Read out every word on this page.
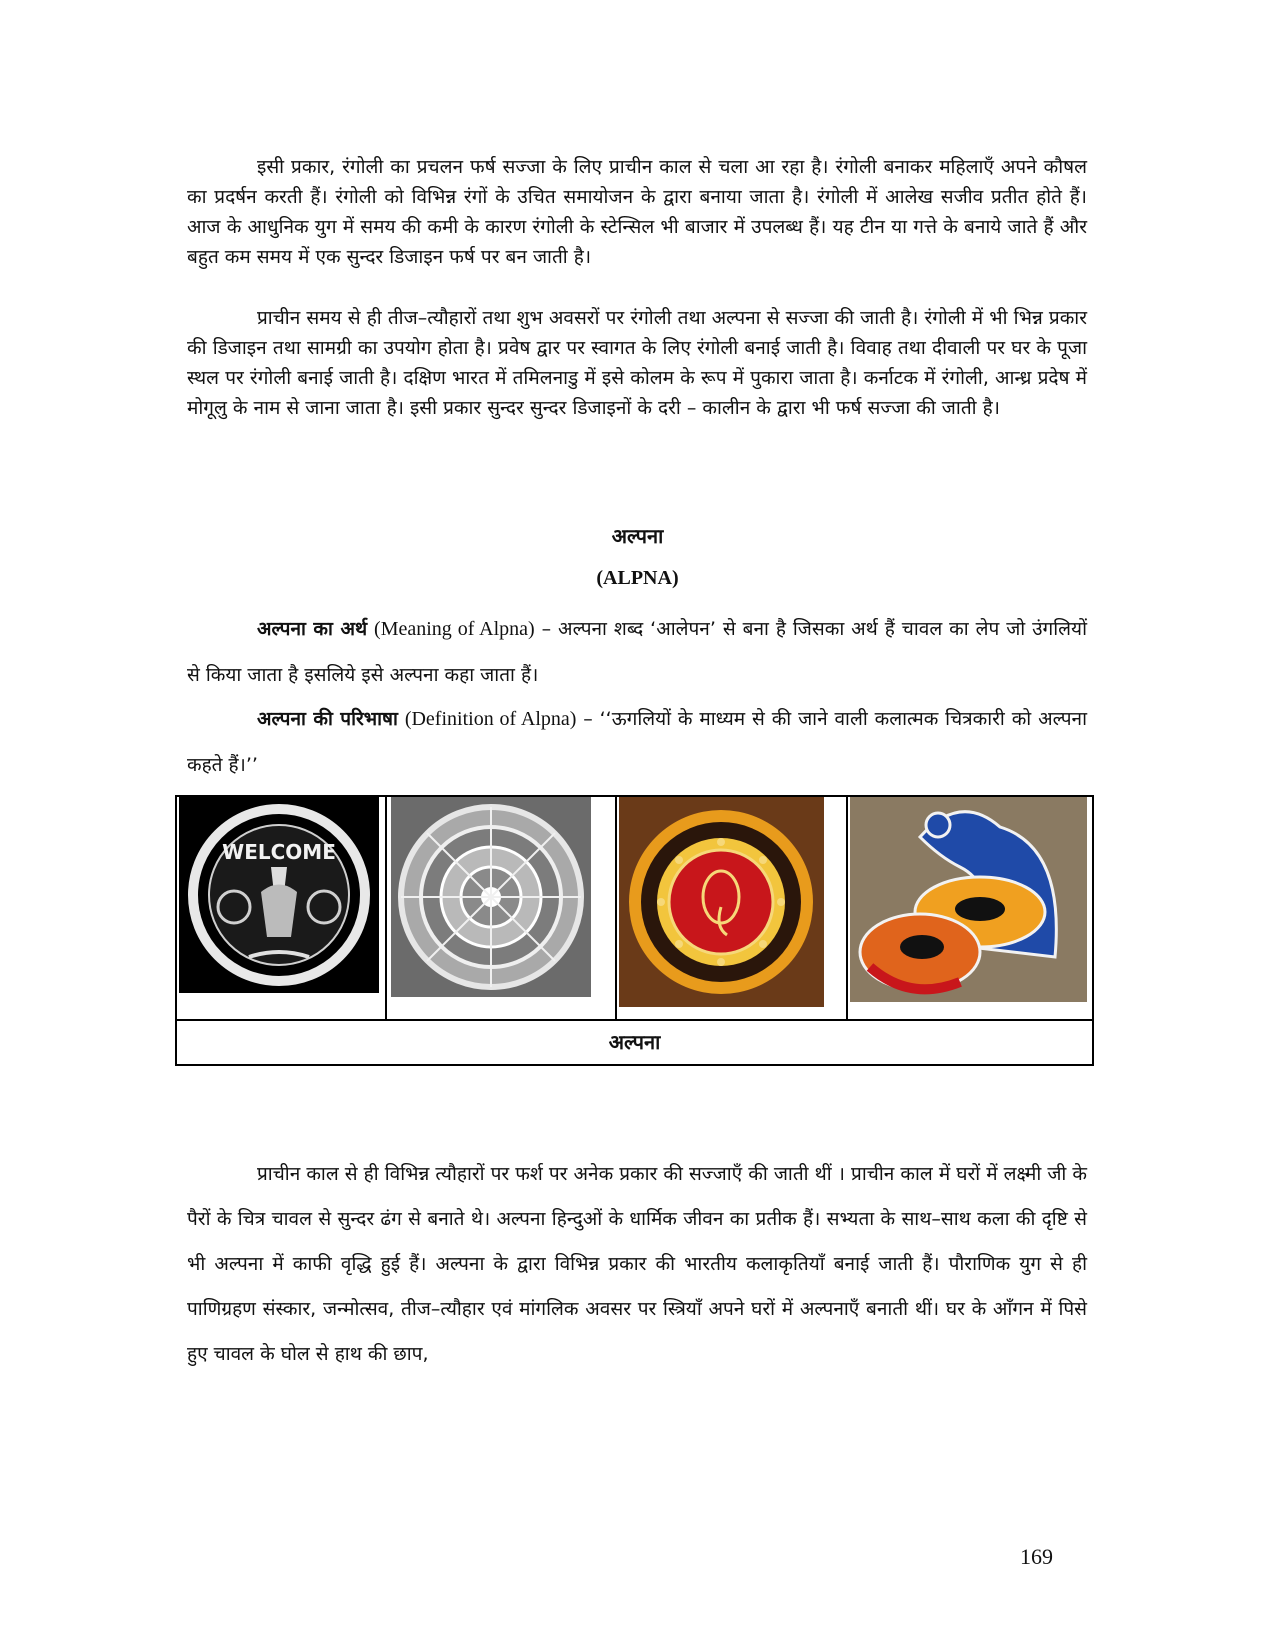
इसी प्रकार, रंगोली का प्रचलन फर्ष सज्जा के लिए प्राचीन काल से चला आ रहा है। रंगोली बनाकर महिलाएँ अपने कौषल का प्रदर्षन करती हैं। रंगोली को विभिन्न रंगों के उचित समायोजन के द्वारा बनाया जाता है। रंगोली में आलेख सजीव प्रतीत होते हैं। आज के आधुनिक युग में समय की कमी के कारण रंगोली के स्टेन्सिल भी बाजार में उपलब्ध हैं। यह टीन या गत्ते के बनाये जाते हैं और बहुत कम समय में एक सुन्दर डिजाइन फर्ष पर बन जाती है।

प्राचीन समय से ही तीज–त्यौहारों तथा शुभ अवसरों पर रंगोली तथा अल्पना से सज्जा की जाती है। रंगोली में भी भिन्न प्रकार की डिजाइन तथा सामग्री का उपयोग होता है। प्रवेष द्वार पर स्वागत के लिए रंगोली बनाई जाती है। विवाह तथा दीवाली पर घर के पूजा स्थल पर रंगोली बनाई जाती है। दक्षिण भारत में तमिलनाडु में इसे कोलम के रूप में पुकारा जाता है। कर्नाटक में रंगोली, आन्ध्र प्रदेष में मोगूलु के नाम से जाना जाता है। इसी प्रकार सुन्दर सुन्दर डिजाइनों के दरी – कालीन के द्वारा भी फर्ष सज्जा की जाती है।

अल्पना
(ALPNA)

अल्पना का अर्थ (Meaning of Alpna) – अल्पना शब्द ‘आलेपन’ से बना है जिसका अर्थ हैं चावल का लेप जो उंगलियों से किया जाता है इसलिये इसे अल्पना कहा जाता हैं।

अल्पना की परिभाषा (Definition of Alpna) – ‘‘ऊगलियों के माध्यम से की जाने वाली कलात्मक चित्रकारी को अल्पना कहते हैं।’’

WELCOME
अल्पना

प्राचीन काल से ही विभिन्न त्यौहारों पर फर्श पर अनेक प्रकार की सज्जाएँ की जाती थीं । प्राचीन काल में घरों में लक्ष्मी जी के पैरों के चित्र चावल से सुन्दर ढंग से बनाते थे। अल्पना हिन्दुओं के धार्मिक जीवन का प्रतीक हैं। सभ्यता के साथ–साथ कला की दृष्टि से भी अल्पना में काफी वृद्धि हुई हैं। अल्पना के द्वारा विभिन्न प्रकार की भारतीय कलाकृतियाँ बनाई जाती हैं। पौराणिक युग से ही पाणिग्रहण संस्कार, जन्मोत्सव, तीज–त्यौहार एवं मांगलिक अवसर पर स्त्रियाँ अपने घरों में अल्पनाएँ बनाती थीं। घर के आँगन में पिसे हुए चावल के घोल से हाथ की छाप,

169
